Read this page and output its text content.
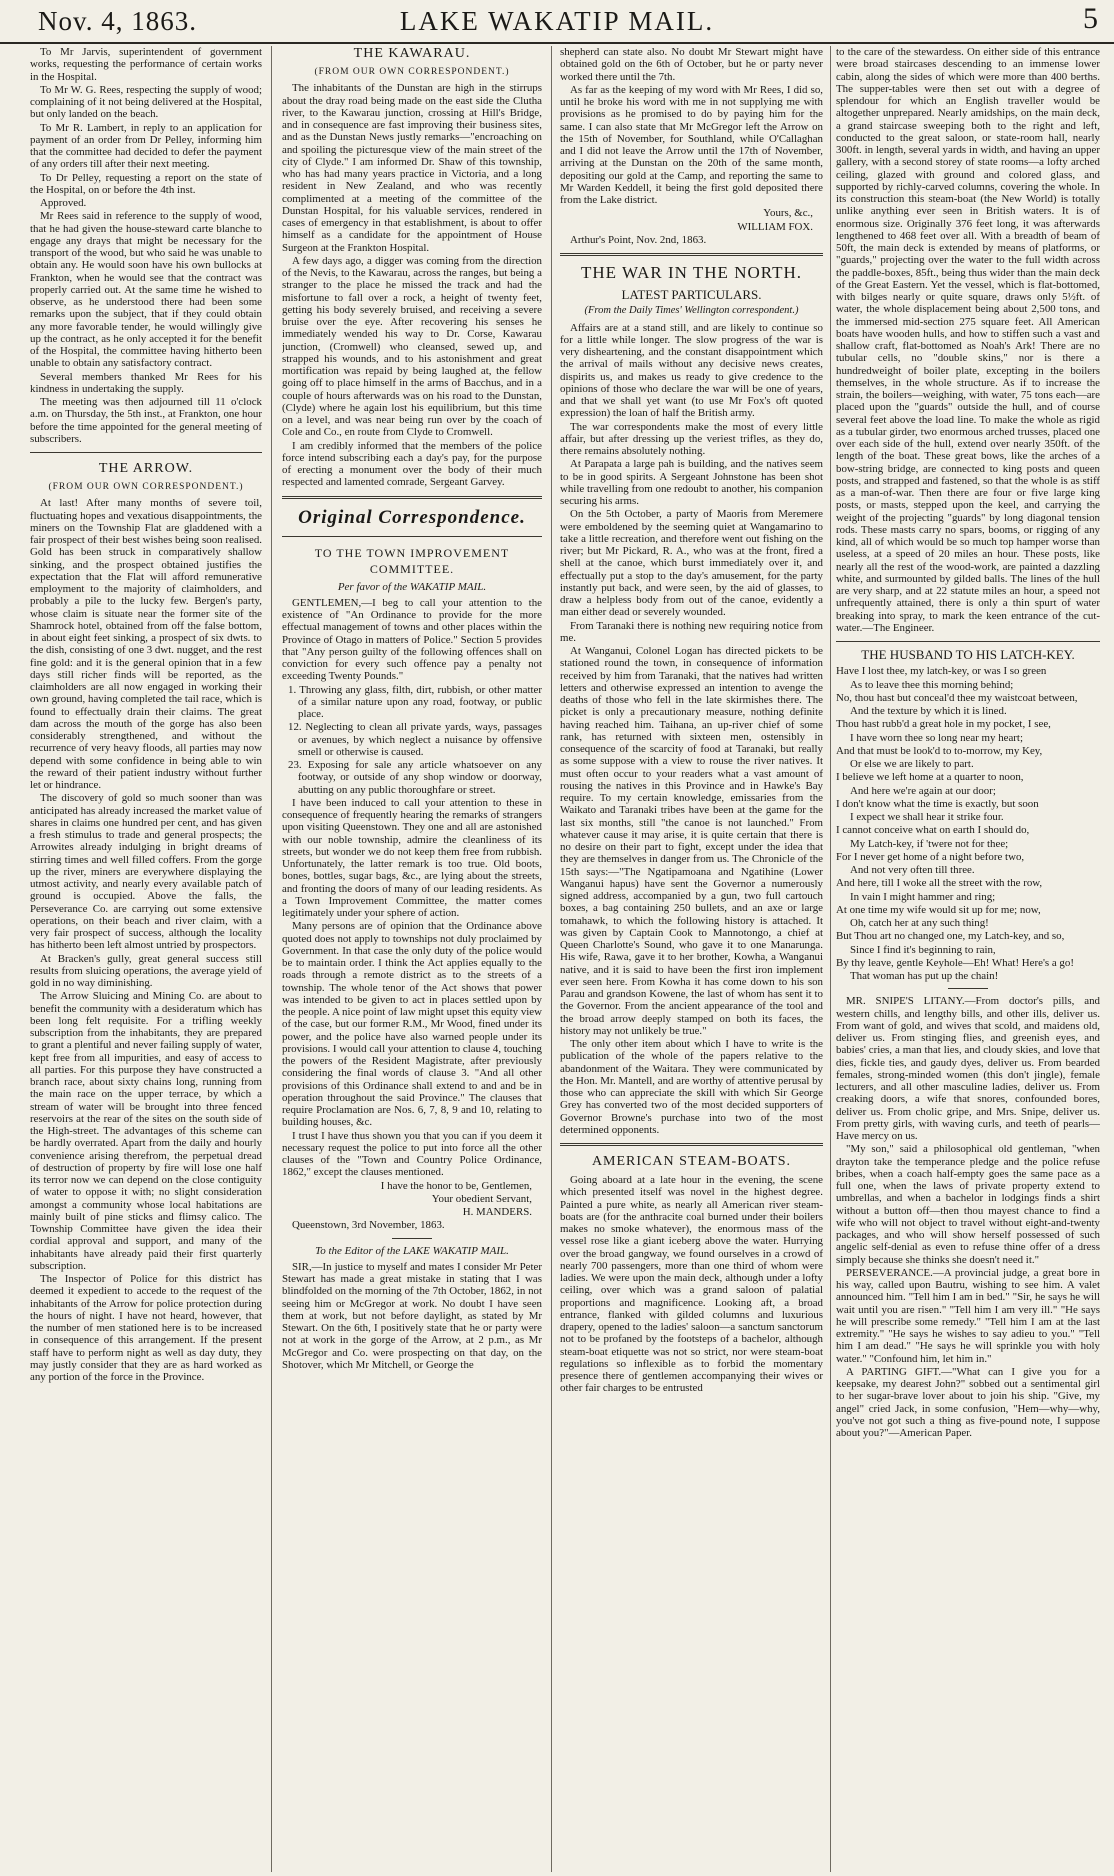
Nov. 4, 1863.	LAKE WAKATIP MAIL.	5

To Mr Jarvis, superintendent of government works, requesting the performance of certain works in the Hospital.

To Mr W. G. Rees, respecting the supply of wood; complaining of it not being delivered at the Hospital, but only landed on the beach.

To Mr R. Lambert, in reply to an application for payment of an order from Dr Pelley, informing him that the committee had decided to defer the payment of any orders till after their next meeting.

To Dr Pelley, requesting a report on the state of the Hospital, on or before the 4th inst.

Approved.

Mr Rees said in reference to the supply of wood, that he had given the house-steward carte blanche to engage any drays that might be necessary for the transport of the wood, but who said he was unable to obtain any. He would soon have his own bullocks at Frankton, when he would see that the contract was properly carried out. At the same time he wished to observe, as he understood there had been some remarks upon the subject, that if they could obtain any more favorable tender, he would willingly give up the contract, as he only accepted it for the benefit of the Hospital, the committee having hitherto been unable to obtain any satisfactory contract.

Several members thanked Mr Rees for his kindness in undertaking the supply.

The meeting was then adjourned till 11 o'clock a.m. on Thursday, the 5th inst., at Frankton, one hour before the time appointed for the general meeting of subscribers.

THE ARROW.
(FROM OUR OWN CORRESPONDENT.)

At last! After many months of severe toil, fluctuating hopes and vexatious disappointments, the miners on the Township Flat are gladdened with a fair prospect of their best wishes being soon realised. Gold has been struck in comparatively shallow sinking, and the prospect obtained justifies the expectation that the Flat will afford remunerative employment to the majority of claimholders, and probably a pile to the lucky few. Bergen's party, whose claim is situate near the former site of the Shamrock hotel, obtained from off the false bottom, in about eight feet sinking, a prospect of six dwts. to the dish, consisting of one 3 dwt. nugget, and the rest fine gold: and it is the general opinion that in a few days still richer finds will be reported, as the claimholders are all now engaged in working their own ground, having completed the tail race, which is found to effectually drain their claims. The great dam across the mouth of the gorge has also been considerably strengthened, and without the recurrence of very heavy floods, all parties may now depend with some confidence in being able to win the reward of their patient industry without further let or hindrance.

The discovery of gold so much sooner than was anticipated has already increased the market value of shares in claims one hundred per cent, and has given a fresh stimulus to trade and general prospects; the Arrowites already indulging in bright dreams of stirring times and well filled coffers. From the gorge up the river, miners are everywhere displaying the utmost activity, and nearly every available patch of ground is occupied. Above the falls, the Perseverance Co. are carrying out some extensive operations, on their beach and river claim, with a very fair prospect of success, although the locality has hitherto been left almost untried by prospectors.

At Bracken's gully, great general success still results from sluicing operations, the average yield of gold in no way diminishing.

The Arrow Sluicing and Mining Co. are about to benefit the community with a desideratum which has been long felt requisite. For a trifling weekly subscription from the inhabitants, they are prepared to grant a plentiful and never failing supply of water, kept free from all impurities, and easy of access to all parties. For this purpose they have constructed a branch race, about sixty chains long, running from the main race on the upper terrace, by which a stream of water will be brought into three fenced reservoirs at the rear of the sites on the south side of the High-street. The advantages of this scheme can be hardly overrated. Apart from the daily and hourly convenience arising therefrom, the perpetual dread of destruction of property by fire will lose one half its terror now we can depend on the close contiguity of water to oppose it with; no slight consideration amongst a community whose local habitations are mainly built of pine sticks and flimsy calico. The Township Committee have given the idea their cordial approval and support, and many of the inhabitants have already paid their first quarterly subscription.

The Inspector of Police for this district has deemed it expedient to accede to the request of the inhabitants of the Arrow for police protection during the hours of night. I have not heard, however, that the number of men stationed here is to be increased in consequence of this arrangement. If the present staff have to perform night as well as day duty, they may justly consider that they are as hard worked as any portion of the force in the Province.

THE KAWARAU.
(FROM OUR OWN CORRESPONDENT.)

The inhabitants of the Dunstan are high in the stirrups about the dray road being made on the east side the Clutha river, to the Kawarau junction, crossing at Hill's Bridge, and in consequence are fast improving their business sites, and as the Dunstan News justly remarks—"encroaching on and spoiling the picturesque view of the main street of the city of Clyde." I am informed Dr. Shaw of this township, who has had many years practice in Victoria, and a long resident in New Zealand, and who was recently complimented at a meeting of the committee of the Dunstan Hospital, for his valuable services, rendered in cases of emergency in that establishment, is about to offer himself as a candidate for the appointment of House Surgeon at the Frankton Hospital.

A few days ago, a digger was coming from the direction of the Nevis, to the Kawarau, across the ranges, but being a stranger to the place he missed the track and had the misfortune to fall over a rock, a height of twenty feet, getting his body severely bruised, and receiving a severe bruise over the eye. After recovering his senses he immediately wended his way to Dr. Corse, Kawarau junction, (Cromwell) who cleansed, sewed up, and strapped his wounds, and to his astonishment and great mortification was repaid by being laughed at, the fellow going off to place himself in the arms of Bacchus, and in a couple of hours afterwards was on his road to the Dunstan, (Clyde) where he again lost his equilibrium, but this time on a level, and was near being run over by the coach of Cole and Co., en route from Clyde to Cromwell.

I am credibly informed that the members of the police force intend subscribing each a day's pay, for the purpose of erecting a monument over the body of their much respected and lamented comrade, Sergeant Garvey.

Original Correspondence.
TO THE TOWN IMPROVEMENT COMMITTEE.
Per favor of the WAKATIP MAIL.

GENTLEMEN,—I beg to call your attention to the existence of "An Ordinance to provide for the more effectual management of towns and other places within the Province of Otago in matters of Police." Section 5 provides that "Any person guilty of the following offences shall on conviction for every such offence pay a penalty not exceeding Twenty Pounds."

1. Throwing any glass, filth, dirt, rubbish, or other matter of a similar nature upon any road, footway, or public place.

12. Neglecting to clean all private yards, ways, passages or avenues, by which neglect a nuisance by offensive smell or otherwise is caused.

23. Exposing for sale any article whatsoever on any footway, or outside of any shop window or doorway, abutting on any public thoroughfare or street.

I have been induced to call your attention to these in consequence of frequently hearing the remarks of strangers upon visiting Queenstown. They one and all are astonished with our noble township, admire the cleanliness of its streets, but wonder we do not keep them free from rubbish. Unfortunately, the latter remark is too true. Old boots, bones, bottles, sugar bags, &c., are lying about the streets, and fronting the doors of many of our leading residents. As a Town Improvement Committee, the matter comes legitimately under your sphere of action.

Many persons are of opinion that the Ordinance above quoted does not apply to townships not duly proclaimed by Government. In that case the only duty of the police would be to maintain order. I think the Act applies equally to the roads through a remote district as to the streets of a township. The whole tenor of the Act shows that power was intended to be given to act in places settled upon by the people. A nice point of law might upset this equity view of the case, but our former R.M., Mr Wood, fined under its power, and the police have also warned people under its provisions. I would call your attention to clause 4, touching the powers of the Resident Magistrate, after previously considering the final words of clause 3. "And all other provisions of this Ordinance shall extend to and and be in operation throughout the said Province." The clauses that require Proclamation are Nos. 6, 7, 8, 9 and 10, relating to building houses, &c.

I trust I have thus shown you that you can if you deem it necessary request the police to put into force all the other clauses of the "Town and Country Police Ordinance, 1862," except the clauses mentioned.

I have the honor to be, Gentlemen,

Your obedient Servant,

H. MANDERS.

Queenstown, 3rd November, 1863.

To the Editor of the LAKE WAKATIP MAIL.

SIR,—In justice to myself and mates I consider Mr Peter Stewart has made a great mistake in stating that I was blindfolded on the morning of the 7th October, 1862, in not seeing him or McGregor at work. No doubt I have seen them at work, but not before daylight, as stated by Mr Stewart. On the 6th, I positively state that he or party were not at work in the gorge of the Arrow, at 2 p.m., as Mr McGregor and Co. were prospecting on that day, on the Shotover, which Mr Mitchell, or George the

shepherd can state also. No doubt Mr Stewart might have obtained gold on the 6th of October, but he or party never worked there until the 7th.

As far as the keeping of my word with Mr Rees, I did so, until he broke his word with me in not supplying me with provisions as he promised to do by paying him for the same. I can also state that Mr McGregor left the Arrow on the 15th of November, for Southland, while O'Callaghan and I did not leave the Arrow until the 17th of November, arriving at the Dunstan on the 20th of the same month, depositing our gold at the Camp, and reporting the same to Mr Warden Keddell, it being the first gold deposited there from the Lake district.

Yours, &c.,

WILLIAM FOX.

Arthur's Point, Nov. 2nd, 1863.

THE WAR IN THE NORTH.
LATEST PARTICULARS.
(From the Daily Times' Wellington correspondent.)

Affairs are at a stand still, and are likely to continue so for a little while longer. The slow progress of the war is very disheartening, and the constant disappointment which the arrival of mails without any decisive news creates, dispirits us, and makes us ready to give credence to the opinions of those who declare the war will be one of years, and that we shall yet want (to use Mr Fox's oft quoted expression) the loan of half the British army.

The war correspondents make the most of every little affair, but after dressing up the veriest trifles, as they do, there remains absolutely nothing.

At Parapata a large pah is building, and the natives seem to be in good spirits. A Sergeant Johnstone has been shot while travelling from one redoubt to another, his companion securing his arms.

On the 5th October, a party of Maoris from Meremere were emboldened by the seeming quiet at Wangamarino to take a little recreation, and therefore went out fishing on the river; but Mr Pickard, R. A., who was at the front, fired a shell at the canoe, which burst immediately over it, and effectually put a stop to the day's amusement, for the party instantly put back, and were seen, by the aid of glasses, to draw a helpless body from out of the canoe, evidently a man either dead or severely wounded.

From Taranaki there is nothing new requiring notice from me.

At Wanganui, Colonel Logan has directed pickets to be stationed round the town, in consequence of information received by him from Taranaki, that the natives had written letters and otherwise expressed an intention to avenge the deaths of those who fell in the late skirmishes there. The picket is only a precautionary measure, nothing definite having reached him. Taihana, an up-river chief of some rank, has returned with sixteen men, ostensibly in consequence of the scarcity of food at Taranaki, but really as some suppose with a view to rouse the river natives. It must often occur to your readers what a vast amount of rousing the natives in this Province and in Hawke's Bay require. To my certain knowledge, emissaries from the Waikato and Taranaki tribes have been at the game for the last six months, still "the canoe is not launched." From whatever cause it may arise, it is quite certain that there is no desire on their part to fight, except under the idea that they are themselves in danger from us. The Chronicle of the 15th says:—"The Ngatipamoana and Ngatihine (Lower Wanganui hapus) have sent the Governor a numerously signed address, accompanied by a gun, two full cartouch boxes, a bag containing 250 bullets, and an axe or large tomahawk, to which the following history is attached. It was given by Captain Cook to Mannotongo, a chief at Queen Charlotte's Sound, who gave it to one Manarunga. His wife, Rawa, gave it to her brother, Kowha, a Wanganui native, and it is said to have been the first iron implement ever seen here. From Kowha it has come down to his son Parau and grandson Kowene, the last of whom has sent it to the Governor. From the ancient appearance of the tool and the broad arrow deeply stamped on both its faces, the history may not unlikely be true."

The only other item about which I have to write is the publication of the whole of the papers relative to the abandonment of the Waitara. They were communicated by the Hon. Mr. Mantell, and are worthy of attentive perusal by those who can appreciate the skill with which Sir George Grey has converted two of the most decided supporters of Governor Browne's purchase into two of the most determined opponents.

AMERICAN STEAM-BOATS.

Going aboard at a late hour in the evening, the scene which presented itself was novel in the highest degree. Painted a pure white, as nearly all American river steam-boats are (for the anthracite coal burned under their boilers makes no smoke whatever), the enormous mass of the vessel rose like a giant iceberg above the water. Hurrying over the broad gangway, we found ourselves in a crowd of nearly 700 passengers, more than one third of whom were ladies. We were upon the main deck, although under a lofty ceiling, over which was a grand saloon of palatial proportions and magnificence. Looking aft, a broad entrance, flanked with gilded columns and luxurious drapery, opened to the ladies' saloon—a sanctum sanctorum not to be profaned by the footsteps of a bachelor, although steam-boat etiquette was not so strict, nor were steam-boat regulations so inflexible as to forbid the momentary presence there of gentlemen accompanying their wives or other fair charges to be entrusted

to the care of the stewardess. On either side of this entrance were broad staircases descending to an immense lower cabin, along the sides of which were more than 400 berths. The supper-tables were then set out with a degree of splendour for which an English traveller would be altogether unprepared. Nearly amidships, on the main deck, a grand staircase sweeping both to the right and left, conducted to the great saloon, or state-room hall, nearly 300ft. in length, several yards in width, and having an upper gallery, with a second storey of state rooms—a lofty arched ceiling, glazed with ground and colored glass, and supported by richly-carved columns, covering the whole. In its construction this steam-boat (the New World) is totally unlike anything ever seen in British waters. It is of enormous size. Originally 376 feet long, it was afterwards lengthened to 468 feet over all. With a breadth of beam of 50ft, the main deck is extended by means of platforms, or "guards," projecting over the water to the full width across the paddle-boxes, 85ft., being thus wider than the main deck of the Great Eastern. Yet the vessel, which is flat-bottomed, with bilges nearly or quite square, draws only 5½ft. of water, the whole displacement being about 2,500 tons, and the immersed mid-section 275 square feet. All American boats have wooden hulls, and how to stiffen such a vast and shallow craft, flat-bottomed as Noah's Ark! There are no tubular cells, no "double skins," nor is there a hundredweight of boiler plate, excepting in the boilers themselves, in the whole structure. As if to increase the strain, the boilers—weighing, with water, 75 tons each—are placed upon the "guards" outside the hull, and of course several feet above the load line. To make the whole as rigid as a tubular girder, two enormous arched trusses, placed one over each side of the hull, extend over nearly 350ft. of the length of the boat. These great bows, like the arches of a bow-string bridge, are connected to king posts and queen posts, and strapped and fastened, so that the whole is as stiff as a man-of-war. Then there are four or five large king posts, or masts, stepped upon the keel, and carrying the weight of the projecting "guards" by long diagonal tension rods. These masts carry no spars, booms, or rigging of any kind, all of which would be so much top hamper worse than useless, at a speed of 20 miles an hour. These posts, like nearly all the rest of the wood-work, are painted a dazzling white, and surmounted by gilded balls. The lines of the hull are very sharp, and at 22 statute miles an hour, a speed not unfrequently attained, there is only a thin spurt of water breaking into spray, to mark the keen entrance of the cut-water.—The Engineer.

THE HUSBAND TO HIS LATCH-KEY.

Have I lost thee, my latch-key, or was I so green

As to leave thee this morning behind;

No, thou hast but conceal'd thee my waistcoat between,

And the texture by which it is lined.

Thou hast rubb'd a great hole in my pocket, I see,

I have worn thee so long near my heart;

And that must be look'd to to-morrow, my Key,

Or else we are likely to part.

I believe we left home at a quarter to noon,

And here we're again at our door;

I don't know what the time is exactly, but soon

I expect we shall hear it strike four.

I cannot conceive what on earth I should do,

My Latch-key, if 'twere not for thee;

For I never get home of a night before two,

And not very often till three.

And here, till I woke all the street with the row,

In vain I might hammer and ring;

At one time my wife would sit up for me; now,

Oh, catch her at any such thing!

But Thou art no changed one, my Latch-key, and so,

Since I find it's beginning to rain,

By thy leave, gentle Keyhole—Eh! What! Here's a go!

That woman has put up the chain!

MR. SNIPE'S LITANY.—From doctor's pills, and western chills, and lengthy bills, and other ills, deliver us. From want of gold, and wives that scold, and maidens old, deliver us. From stinging flies, and greenish eyes, and babies' cries, a man that lies, and cloudy skies, and love that dies, fickle ties, and gaudy dyes, deliver us. From bearded females, strong-minded women (this don't jingle), female lecturers, and all other masculine ladies, deliver us. From creaking doors, a wife that snores, confounded bores, deliver us. From cholic gripe, and Mrs. Snipe, deliver us. From pretty girls, with waving curls, and teeth of pearls—Have mercy on us.

"My son," said a philosophical old gentleman, "when drayton take the temperance pledge and the police refuse bribes, when a coach half-empty goes the same pace as a full one, when the laws of private property extend to umbrellas, and when a bachelor in lodgings finds a shirt without a button off—then thou mayest chance to find a wife who will not object to travel without eight-and-twenty packages, and who will show herself possessed of such angelic self-denial as even to refuse thine offer of a dress simply because she thinks she doesn't need it."

PERSEVERANCE.—A provincial judge, a great bore in his way, called upon Bautru, wishing to see him. A valet announced him. "Tell him I am in bed." "Sir, he says he will wait until you are risen." "Tell him I am very ill." "He says he will prescribe some remedy." "Tell him I am at the last extremity." "He says he wishes to say adieu to you." "Tell him I am dead." "He says he will sprinkle you with holy water." "Confound him, let him in."

A PARTING GIFT.—"What can I give you for a keepsake, my dearest John?" sobbed out a sentimental girl to her sugar-brave lover about to join his ship. "Give, my angel" cried Jack, in some confusion, "Hem—why—why, you've not got such a thing as five-pound note, I suppose about you?"—American Paper.
